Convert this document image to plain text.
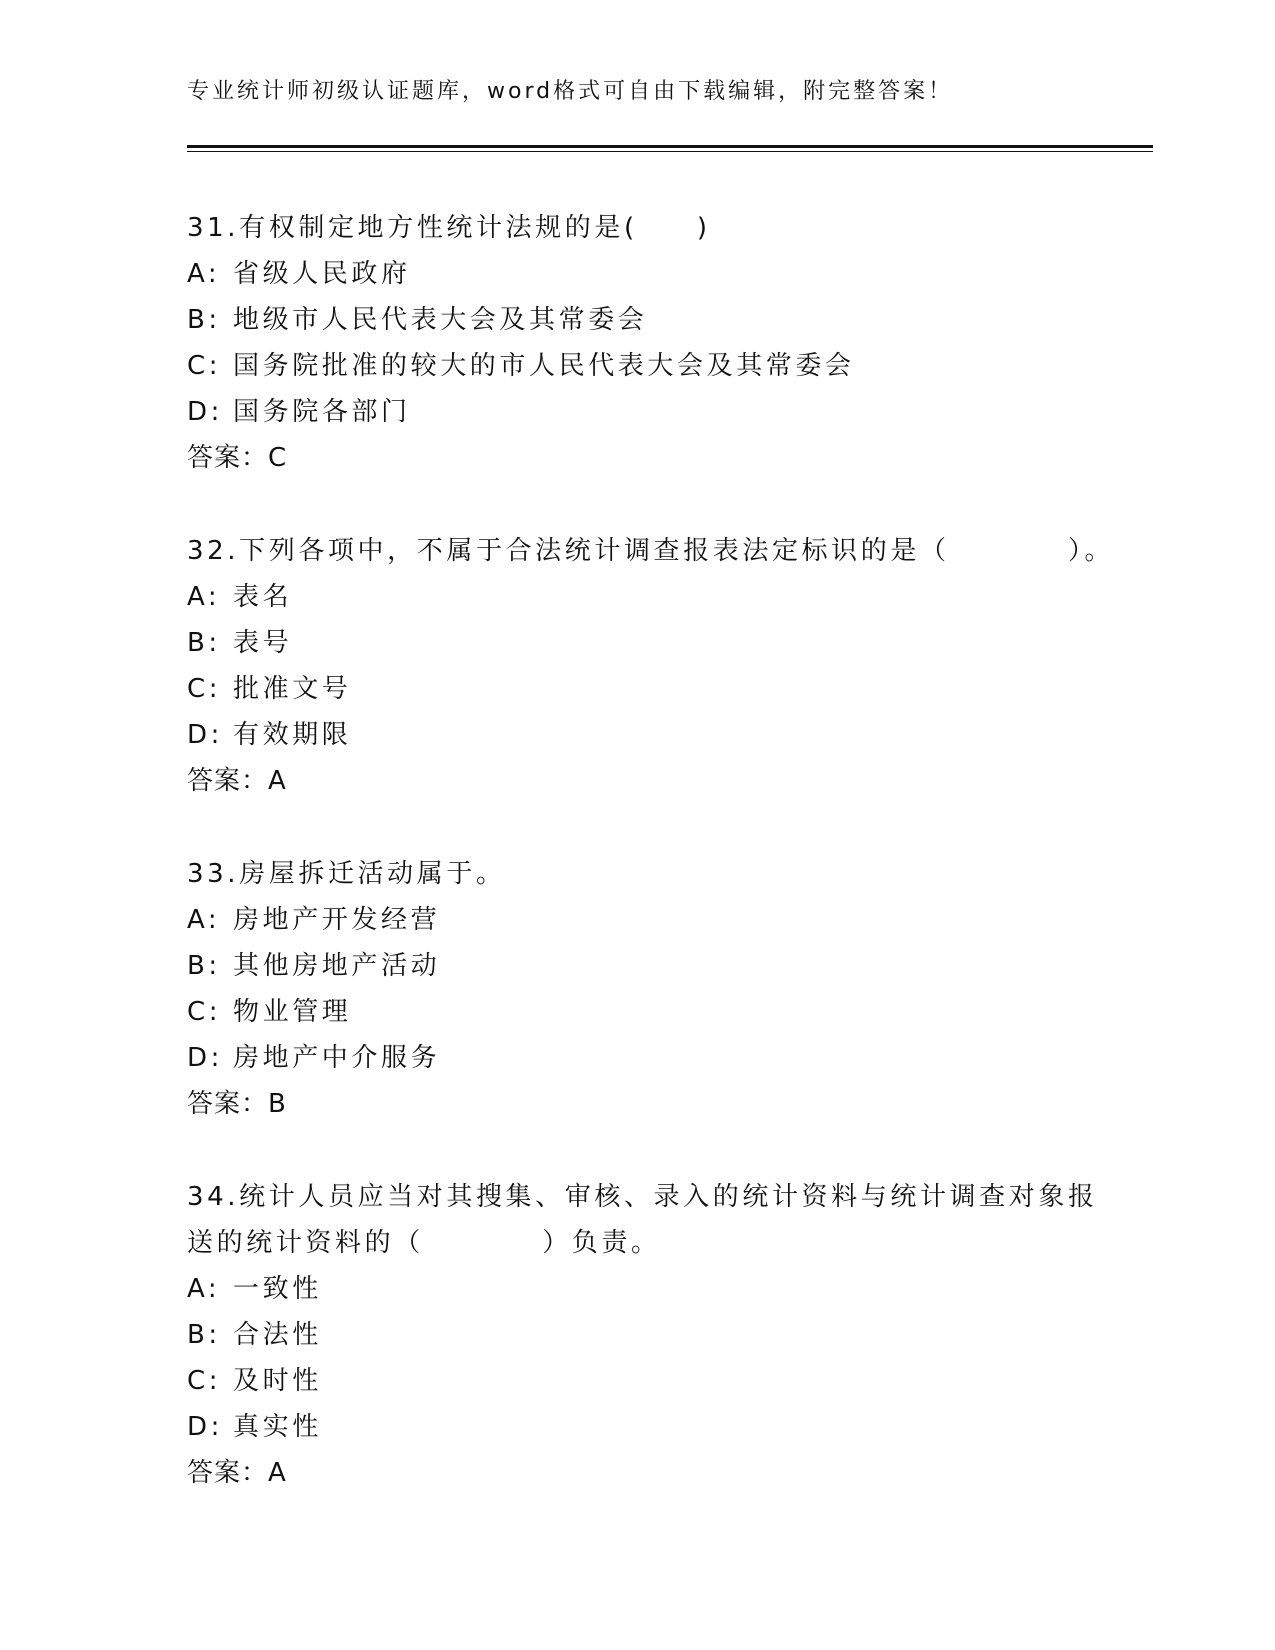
专业统计师初级认证题库，word格式可自由下载编辑，附完整答案！
31.有权制定地方性统计法规的是(　　)
A: 省级人民政府
B: 地级市人民代表大会及其常委会
C: 国务院批准的较大的市人民代表大会及其常委会
D: 国务院各部门
答案：C
32.下列各项中，不属于合法统计调查报表法定标识的是（　　　　）。
A: 表名
B: 表号
C: 批准文号
D: 有效期限
答案：A
33.房屋拆迁活动属于。
A: 房地产开发经营
B: 其他房地产活动
C: 物业管理
D: 房地产中介服务
答案：B
34.统计人员应当对其搜集、审核、录入的统计资料与统计调查对象报
送的统计资料的（　　　　）负责。
A: 一致性
B: 合法性
C: 及时性
D: 真实性
答案：A
